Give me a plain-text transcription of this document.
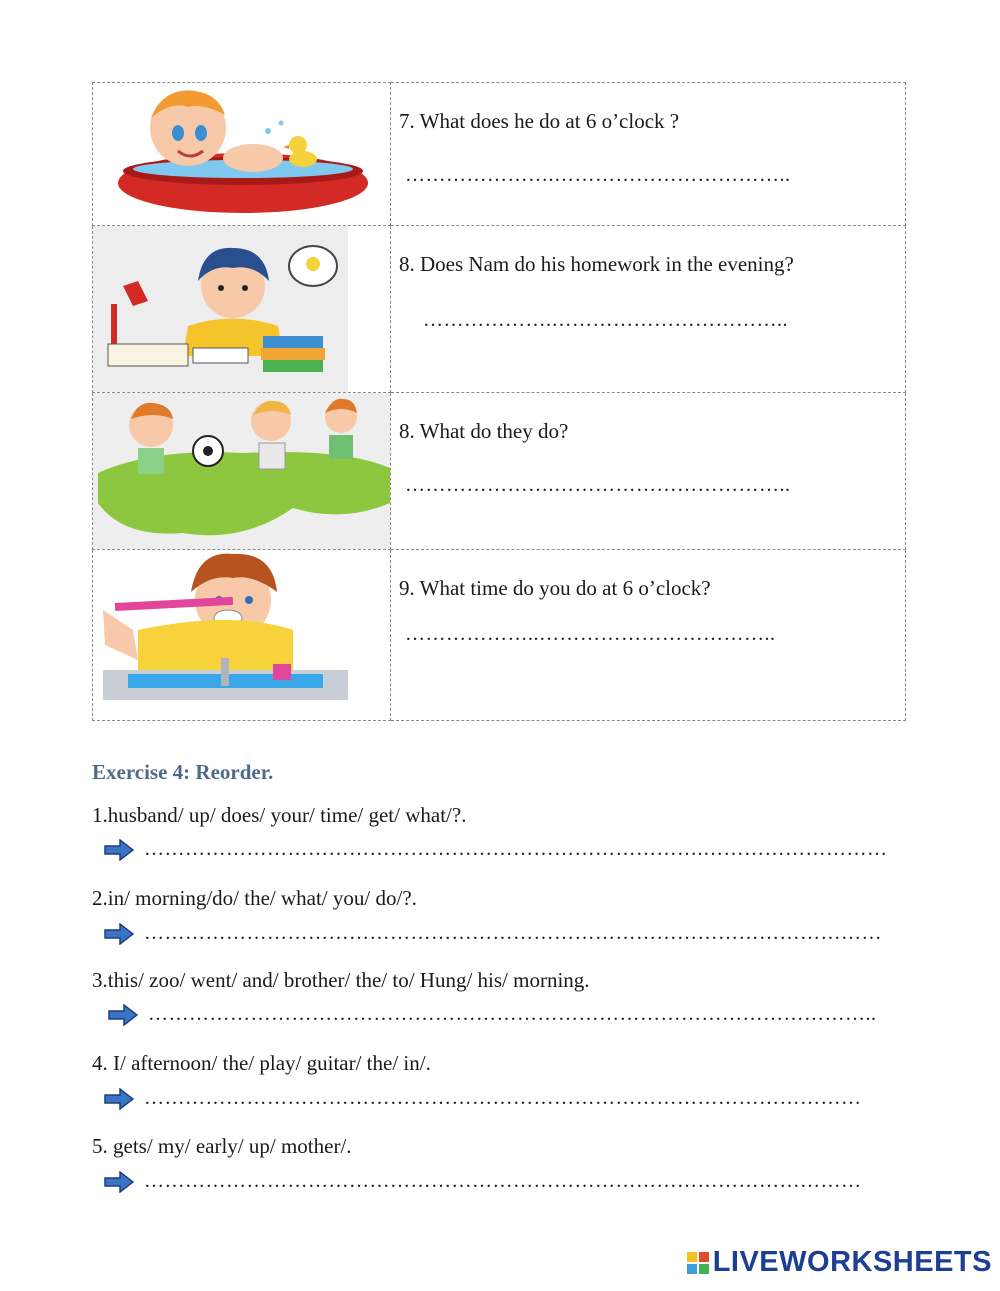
7. What does he do at 6 o’clock ?
………………….……………………………..

8. Does Nam do his homework in the evening?
……………….……………………………..

8. What do they do?
………………….……………………………..

9. What time do you do at 6 o’clock?
………………..……………………………..
Exercise 4: Reorder.
1.husband/ up/ does/ your/ time/ get/ what/?.
……………………………………………………………………….………………………
2.in/ morning/do/ the/ what/ you/ do/?.
………………………………………………………………………………………………
3.this/ zoo/ went/ and/ brother/ the/ to/ Hung/ his/ morning.
……………………………………………………………………………………………..
4. I/ afternoon/ the/ play/ guitar/ the/ in/.
……………………………………………………………………………………………
5. gets/ my/ early/ up/ mother/.
……………………………………………………………………………………………
LIVEWORKSHEETS
